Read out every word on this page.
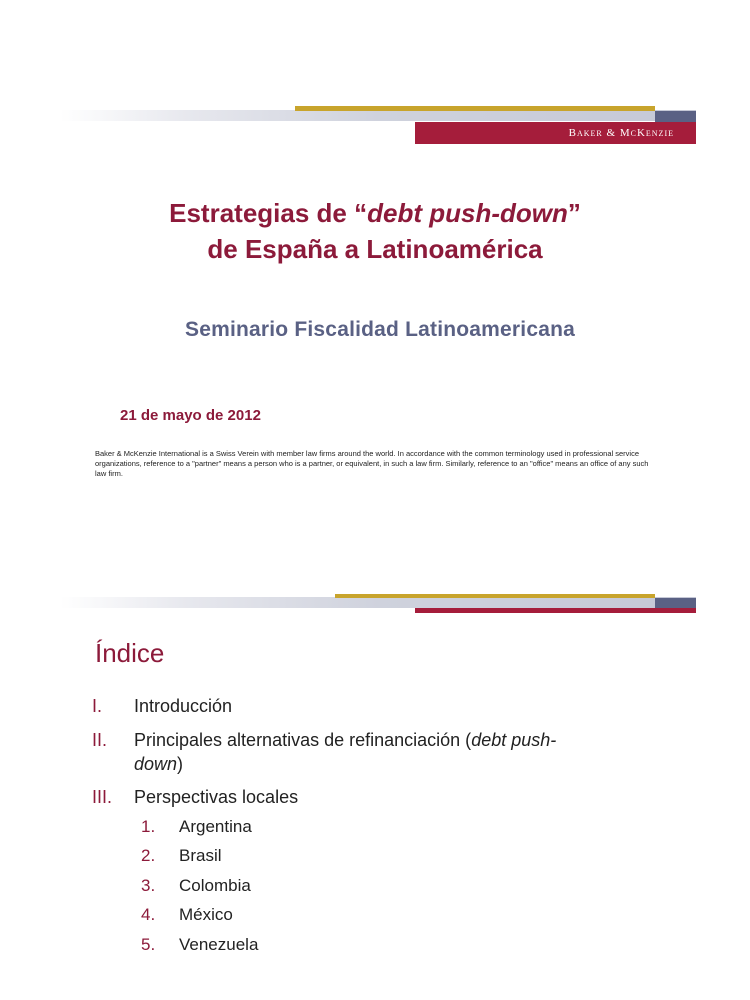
Baker & McKenzie
Estrategias de “debt push-down”
de España a Latinoamérica
Seminario Fiscalidad Latinoamericana
21 de mayo de 2012
Baker & McKenzie International is a Swiss Verein with member law firms around the world. In accordance with the common terminology used in professional service organizations, reference to a "partner" means a person who is a partner, or equivalent, in such a law firm. Similarly, reference to an "office" means an office of any such law firm.
Índice
I. Introducción
II. Principales alternativas de refinanciación (debt push-
down)
III. Perspectivas locales
1. Argentina
2. Brasil
3. Colombia
4. México
5. Venezuela
